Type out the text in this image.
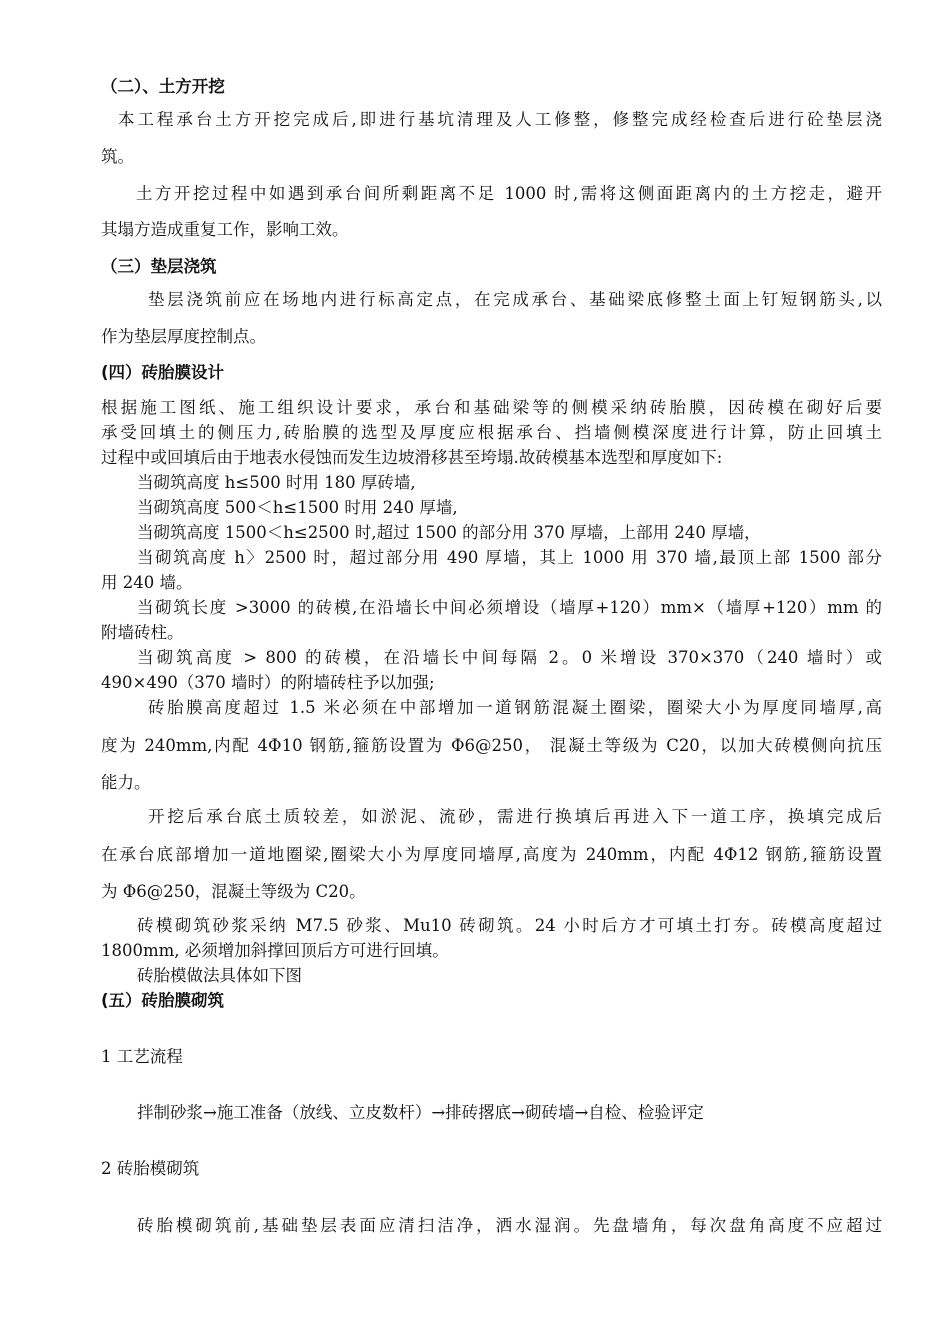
（二）、土方开挖
本工程承台土方开挖完成后,即进行基坑清理及人工修整，修整完成经检查后进行砼垫层浇
筑。
土方开挖过程中如遇到承台间所剩距离不足 1000 时,需将这侧面距离内的土方挖走，避开
其塌方造成重复工作，影响工效。
（三）垫层浇筑
垫层浇筑前应在场地内进行标高定点，在完成承台、基础梁底修整土面上钉短钢筋头,以
作为垫层厚度控制点。
(四）砖胎膜设计
根据施工图纸、施工组织设计要求，承台和基础梁等的侧模采纳砖胎膜，因砖模在砌好后要
承受回填土的侧压力,砖胎膜的选型及厚度应根据承台、挡墙侧模深度进行计算，防止回填土
过程中或回填后由于地表水侵蚀而发生边坡滑移甚至垮塌.故砖模基本选型和厚度如下:
当砌筑高度 h≤500 时用 180 厚砖墙,
当砌筑高度 500＜h≤1500 时用 240 厚墙,
当砌筑高度 1500＜h≤2500 时,超过 1500 的部分用 370 厚墙，上部用 240 厚墙，
当砌筑高度 h〉2500 时，超过部分用 490 厚墙，其上 1000 用 370 墙,最顶上部 1500 部分
用 240 墙。
当砌筑长度 >3000 的砖模,在沿墙长中间必须增设（墙厚+120）mm×（墙厚+120）mm 的
附墙砖柱。
当砌筑高度 > 800 的砖模，在沿墙长中间每隔 2。0 米增设 370×370（240 墙时）或
490×490（370 墙时）的附墙砖柱予以加强;
砖胎膜高度超过 1.5 米必须在中部增加一道钢筋混凝土圈梁，圈梁大小为厚度同墙厚,高
度为 240mm,内配 4Φ10 钢筋,箍筋设置为 Φ6@250， 混凝土等级为 C20，以加大砖模侧向抗压
能力。
开挖后承台底土质较差，如淤泥、流砂，需进行换填后再进入下一道工序，换填完成后
在承台底部增加一道地圈梁,圈梁大小为厚度同墙厚,高度为 240mm，内配 4Φ12 钢筋,箍筋设置
为 Φ6@250，混凝土等级为 C20。
砖模砌筑砂浆采纳 M7.5 砂浆、Mu10 砖砌筑。24 小时后方才可填土打夯。砖模高度超过
1800mm, 必须增加斜撑回顶后方可进行回填。
砖胎模做法具体如下图
(五）砖胎膜砌筑
1 工艺流程
拌制砂浆→施工准备（放线、立皮数杆）→排砖撂底→砌砖墙→自检、检验评定
2 砖胎模砌筑
砖胎模砌筑前,基础垫层表面应清扫洁净，洒水湿润。先盘墙角，每次盘角高度不应超过
